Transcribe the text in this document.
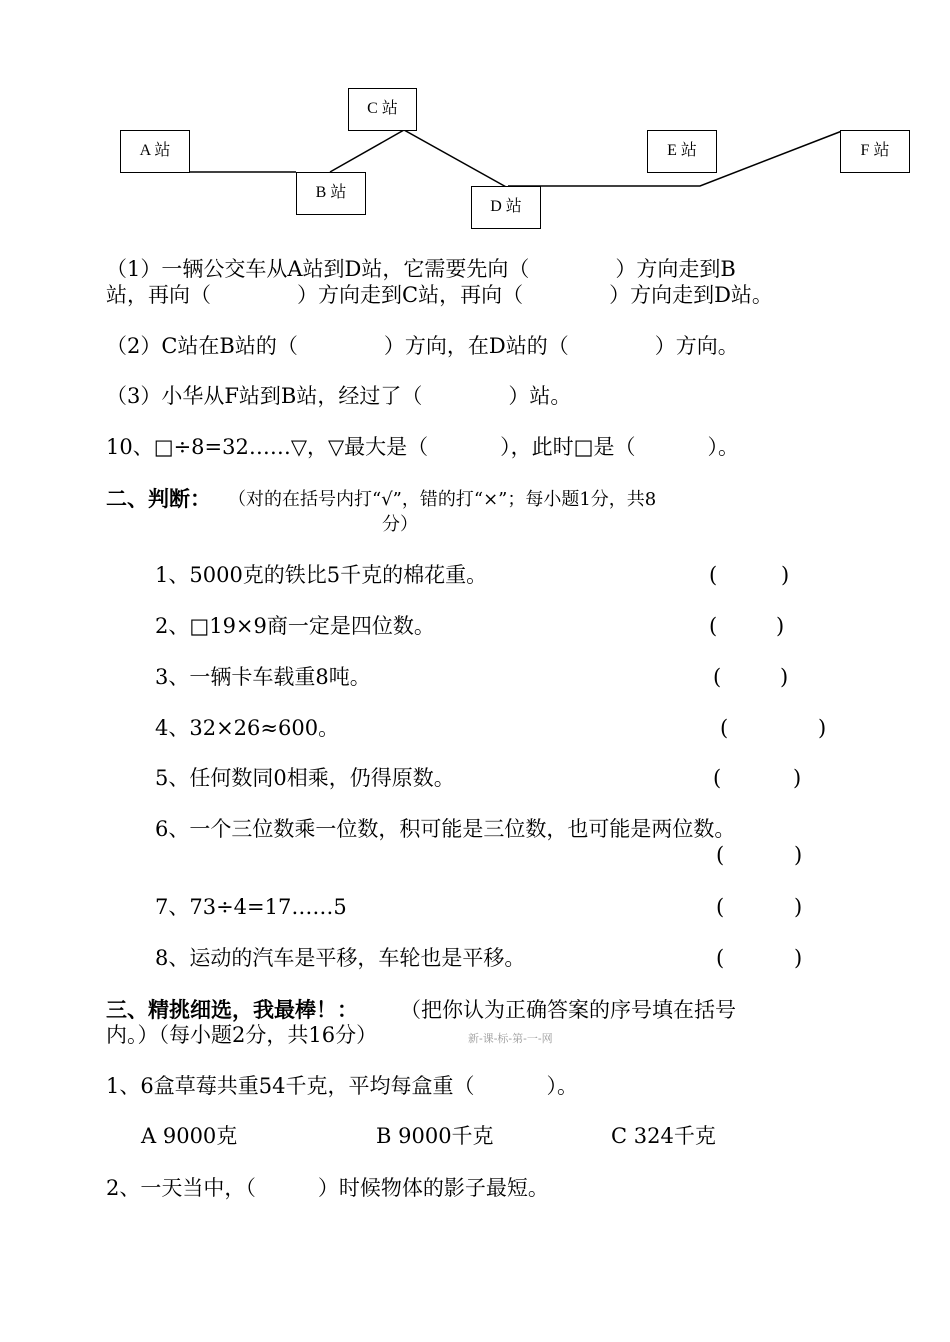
A 站
C 站
B 站
D 站
E 站	F 站
（1）一辆公交车从A站到D站，它需要先向（	）方向走到B
站，再向（	）方向走到C站，再向（	）方向走到D站。
（2）C站在B站的（	）方向，在D站的（	）方向。
（3）小华从F站到B站，经过了（	）站。
10、□÷8=32……▽，▽最大是（	），此时□是（	）。
二、判断： （对的在括号内打“√”，错的打“×”；每小题1分，共8
分）
1、5000克的铁比5千克的棉花重。	(	)
2、□19×9商一定是四位数。	(	)
3、一辆卡车载重8吨。	(	)
4、32×26≈600。	(	)
5、任何数同0相乘，仍得原数。	(	)
6、一个三位数乘一位数，积可能是三位数，也可能是两位数。
(	)
7、73÷4=17……5	(	)
8、运动的汽车是平移，车轮也是平移。	(	)
三、精挑细选，我最棒！： （把你认为正确答案的序号填在括号
内。）（每小题2分，共16分）	新-课-标-第-一-网
1、6盒草莓共重54千克，平均每盒重（	）。
A 9000克	B 9000千克	C 324千克
2、一天当中，（	）时候物体的影子最短。
